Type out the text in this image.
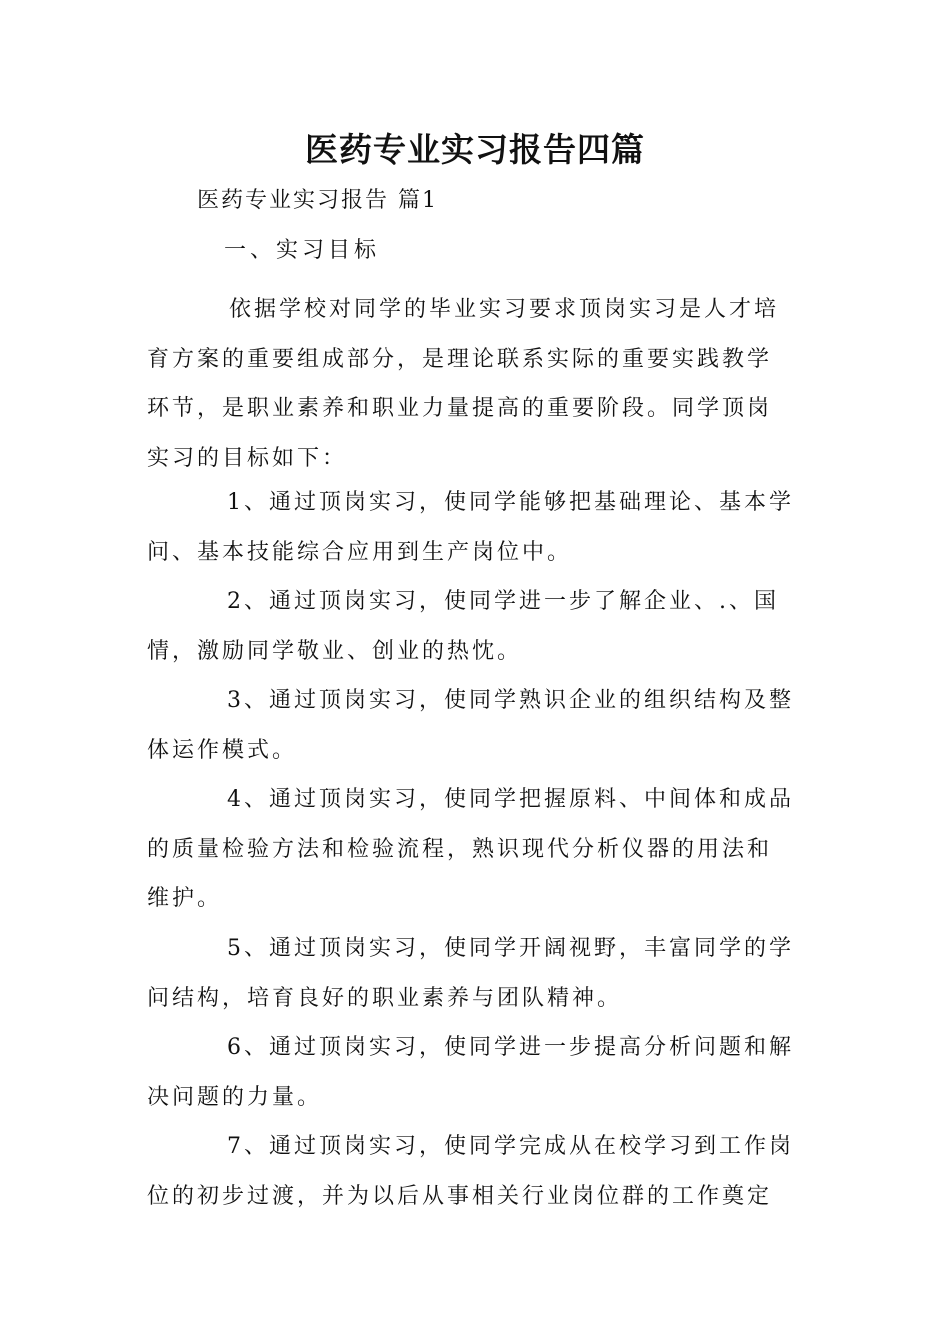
医药专业实习报告四篇

医药专业实习报告 篇1

一、实习目标

依据学校对同学的毕业实习要求顶岗实习是人才培
育方案的重要组成部分，是理论联系实际的重要实践教学
环节，是职业素养和职业力量提高的重要阶段。同学顶岗
实习的目标如下：

1、通过顶岗实习，使同学能够把基础理论、基本学
问、基本技能综合应用到生产岗位中。

2、通过顶岗实习，使同学进一步了解企业、.、国
情，激励同学敬业、创业的热忱。

3、通过顶岗实习，使同学熟识企业的组织结构及整
体运作模式。

4、通过顶岗实习，使同学把握原料、中间体和成品
的质量检验方法和检验流程，熟识现代分析仪器的用法和
维护。

5、通过顶岗实习，使同学开阔视野，丰富同学的学
问结构，培育良好的职业素养与团队精神。

6、通过顶岗实习，使同学进一步提高分析问题和解
决问题的力量。

7、通过顶岗实习，使同学完成从在校学习到工作岗
位的初步过渡，并为以后从事相关行业岗位群的工作奠定
